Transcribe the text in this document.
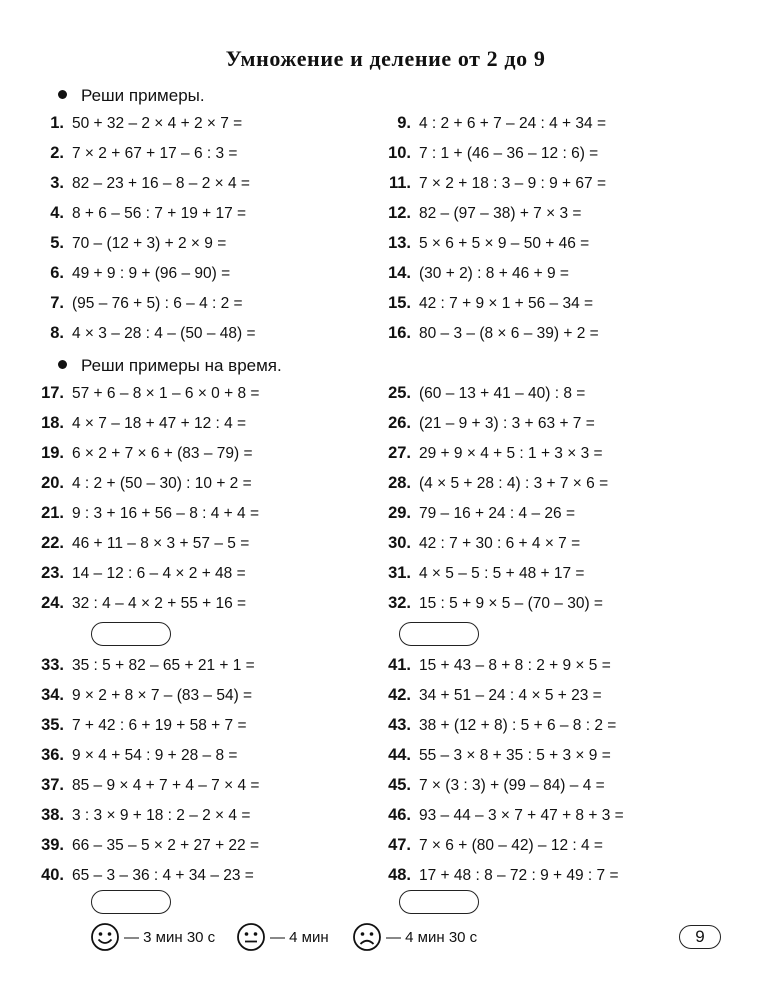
Умножение и деление от 2 до 9
Реши примеры.
1. 50 + 32 – 2 × 4 + 2 × 7 =
2. 7 × 2 + 67 + 17 – 6 : 3 =
3. 82 – 23 + 16 – 8 – 2 × 4 =
4. 8 + 6 – 56 : 7 + 19 + 17 =
5. 70 – (12 + 3) + 2 × 9 =
6. 49 + 9 : 9 + (96 – 90) =
7. (95 – 76 + 5) : 6 – 4 : 2 =
8. 4 × 3 – 28 : 4 – (50 – 48) =
9. 4 : 2 + 6 + 7 – 24 : 4 + 34 =
10. 7 : 1 + (46 – 36 – 12 : 6) =
11. 7 × 2 + 18 : 3 – 9 : 9 + 67 =
12. 82 – (97 – 38) + 7 × 3 =
13. 5 × 6 + 5 × 9 – 50 + 46 =
14. (30 + 2) : 8 + 46 + 9 =
15. 42 : 7 + 9 × 1 + 56 – 34 =
16. 80 – 3 – (8 × 6 – 39) + 2 =
Реши примеры на время.
17. 57 + 6 – 8 × 1 – 6 × 0 + 8 =
18. 4 × 7 – 18 + 47 + 12 : 4 =
19. 6 × 2 + 7 × 6 + (83 – 79) =
20. 4 : 2 + (50 – 30) : 10 + 2 =
21. 9 : 3 + 16 + 56 – 8 : 4 + 4 =
22. 46 + 11 – 8 × 3 + 57 – 5 =
23. 14 – 12 : 6 – 4 × 2 + 48 =
24. 32 : 4 – 4 × 2 + 55 + 16 =
25. (60 – 13 + 41 – 40) : 8 =
26. (21 – 9 + 3) : 3 + 63 + 7 =
27. 29 + 9 × 4 + 5 : 1 + 3 × 3 =
28. (4 × 5 + 28 : 4) : 3 + 7 × 6 =
29. 79 – 16 + 24 : 4 – 26 =
30. 42 : 7 + 30 : 6 + 4 × 7 =
31. 4 × 5 – 5 : 5 + 48 + 17 =
32. 15 : 5 + 9 × 5 – (70 – 30) =
33. 35 : 5 + 82 – 65 + 21 + 1 =
34. 9 × 2 + 8 × 7 – (83 – 54) =
35. 7 + 42 : 6 + 19 + 58 + 7 =
36. 9 × 4 + 54 : 9 + 28 – 8 =
37. 85 – 9 × 4 + 7 + 4 – 7 × 4 =
38. 3 : 3 × 9 + 18 : 2 – 2 × 4 =
39. 66 – 35 – 5 × 2 + 27 + 22 =
40. 65 – 3 – 36 : 4 + 34 – 23 =
41. 15 + 43 – 8 + 8 : 2 + 9 × 5 =
42. 34 + 51 – 24 : 4 × 5 + 23 =
43. 38 + (12 + 8) : 5 + 6 – 8 : 2 =
44. 55 – 3 × 8 + 35 : 5 + 3 × 9 =
45. 7 × (3 : 3) + (99 – 84) – 4 =
46. 93 – 44 – 3 × 7 + 47 + 8 + 3 =
47. 7 × 6 + (80 – 42) – 12 : 4 =
48. 17 + 48 : 8 – 72 : 9 + 49 : 7 =
— 3 мин 30 с	— 4 мин	— 4 мин 30 с	9
